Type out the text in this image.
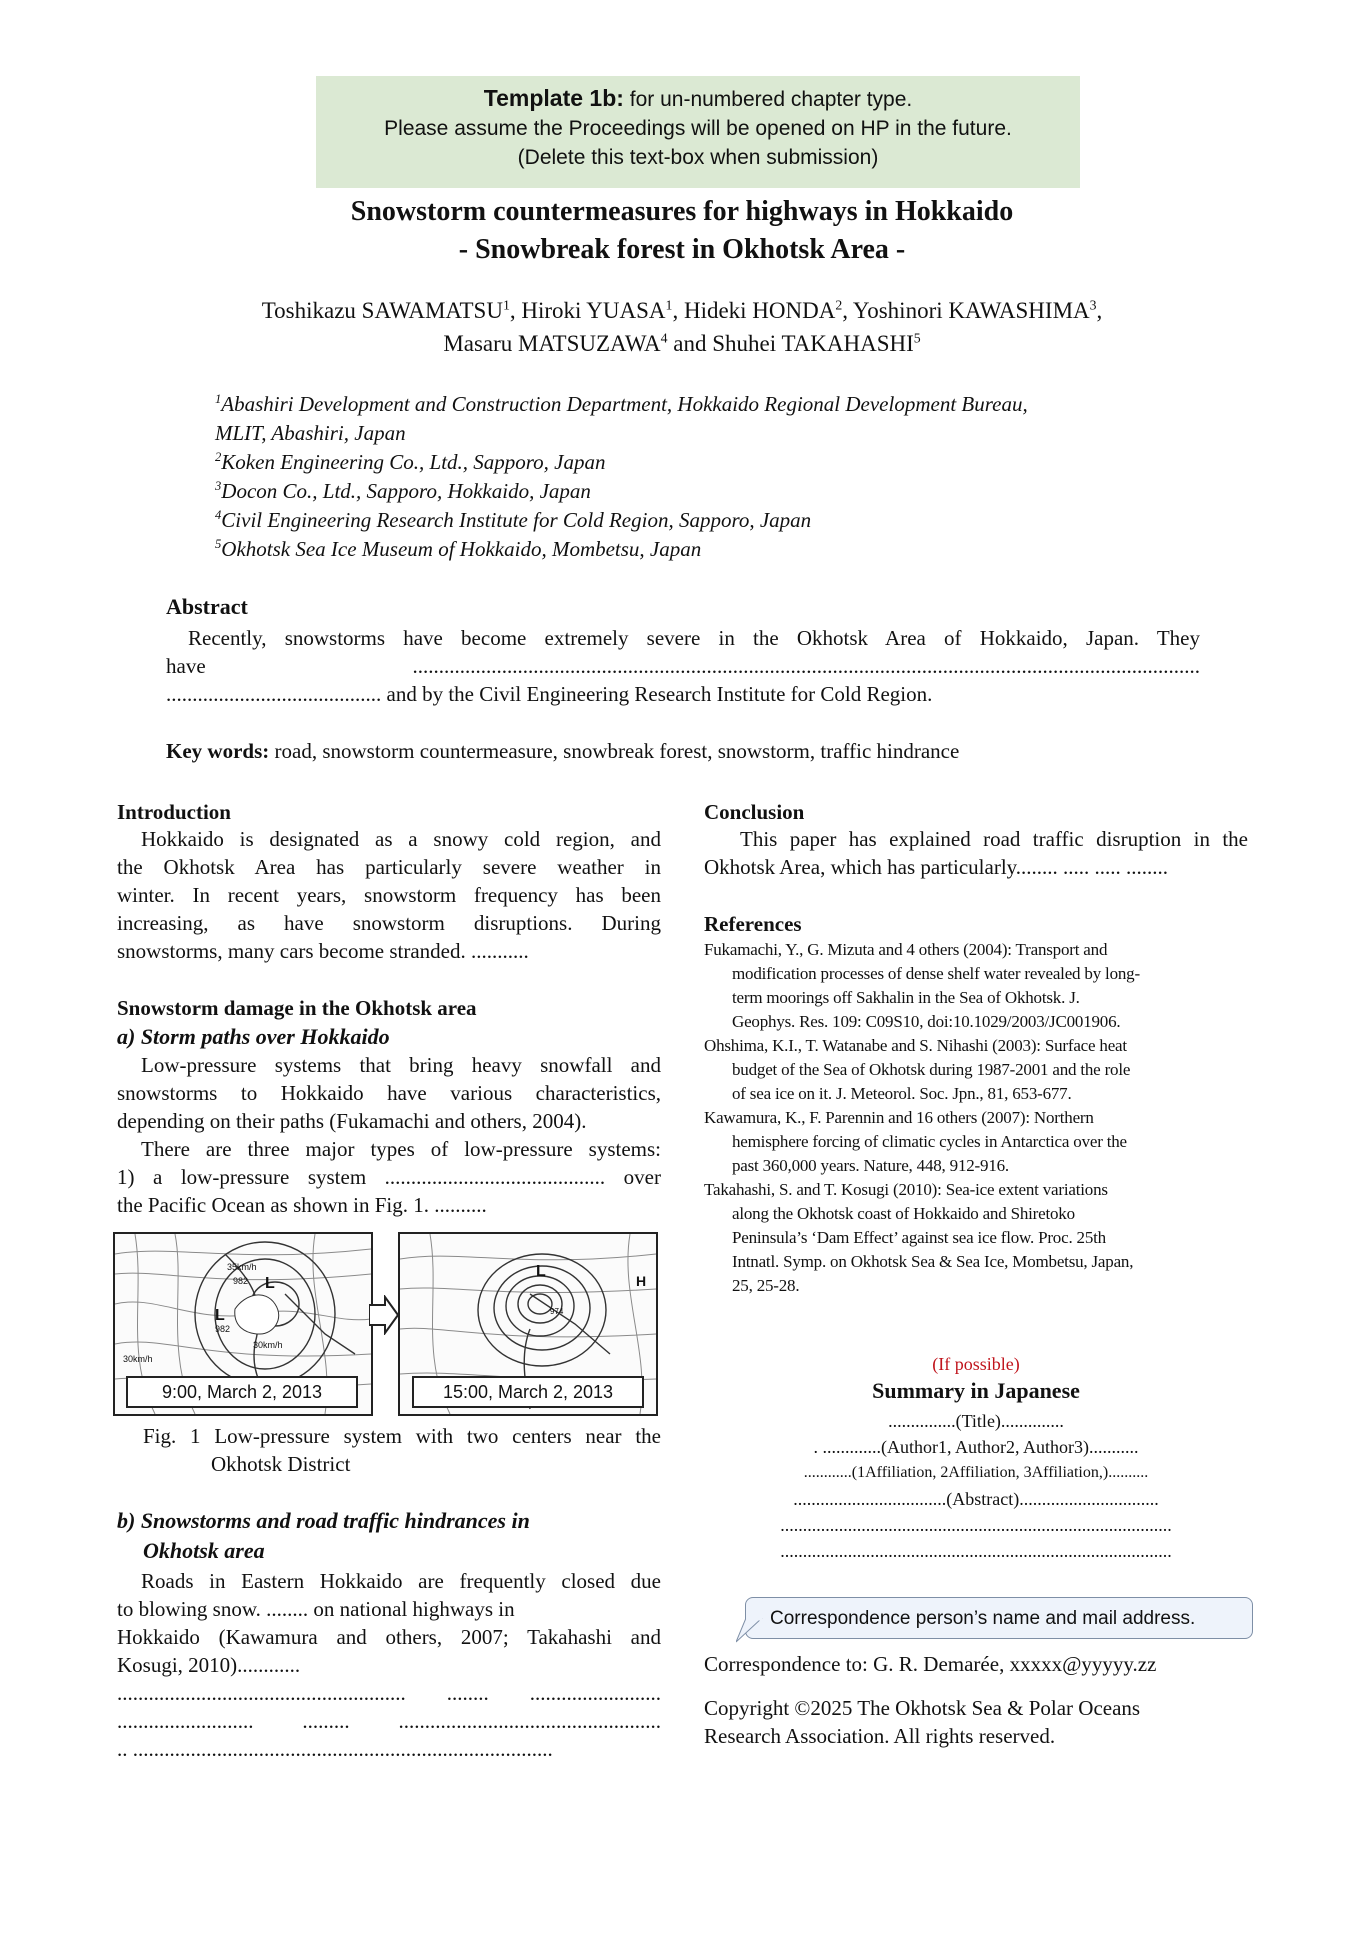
Template 1b: for un-numbered chapter type.
Please assume the Proceedings will be opened on HP in the future.
(Delete this text-box when submission)
Snowstorm countermeasures for highways in Hokkaido
- Snowbreak forest in Okhotsk Area -
Toshikazu SAWAMATSU$^1$, Hiroki YUASA$^1$, Hideki HONDA$^2$, Yoshinori KAWASHIMA$^3$,
Masaru MATSUZAWA$^4$ and Shuhei TAKAHASHI$^5$
$^1$Abashiri Development and Construction Department, Hokkaido Regional Development Bureau,
MLIT, Abashiri, Japan
$^2$Koken Engineering Co., Ltd., Sapporo, Japan
$^3$Docon Co., Ltd., Sapporo, Hokkaido, Japan
$^4$Civil Engineering Research Institute for Cold Region, Sapporo, Japan
$^5$Okhotsk Sea Ice Museum of Hokkaido, Mombetsu, Japan
Abstract
Recently, snowstorms have become extremely severe in the Okhotsk Area of Hokkaido, Japan. They
have ......................................................................................................................................................
......................................... and by the Civil Engineering Research Institute for Cold Region.
Key words: road, snowstorm countermeasure, snowbreak forest, snowstorm, traffic hindrance
Introduction
Hokkaido is designated as a snowy cold region, and
the Okhotsk Area has particularly severe weather in
winter. In recent years, snowstorm frequency has been
increasing, as have snowstorm disruptions. During
snowstorms, many cars become stranded. ...........
Snowstorm damage in the Okhotsk area
a) Storm paths over Hokkaido
Low-pressure systems that bring heavy snowfall and
snowstorms to Hokkaido have various characteristics,
depending on their paths (Fukamachi and others, 2004).
There are three major types of low-pressure systems:
1) a low-pressure system .......................................... over
the Pacific Ocean as shown in Fig. 1. ..........
35km/h
982 L
982
L
30km/h
30km/h
L
974
H
9:00, March 2, 2013	15:00, March 2, 2013
Fig. 1 Low-pressure system with two centers near the
Okhotsk District
b) Snowstorms and road traffic hindrances in
Okhotsk area
Roads in Eastern Hokkaido are frequently closed due
to blowing snow. ........ on national highways in
Hokkaido (Kawamura and others, 2007; Takahashi and
Kosugi, 2010)............
....................................................... ........ .........................
.......................... ......... ..................................................
.. ................................................................................
Conclusion
This paper has explained road traffic disruption in the
Okhotsk Area, which has particularly........ ..... ..... ........
References
Fukamachi, Y., G. Mizuta and 4 others (2004): Transport and
modification processes of dense shelf water revealed by long-
term moorings off Sakhalin in the Sea of Okhotsk. J.
Geophys. Res. 109: C09S10, doi:10.1029/2003/JC001906.
Ohshima, K.I., T. Watanabe and S. Nihashi (2003): Surface heat
budget of the Sea of Okhotsk during 1987-2001 and the role
of sea ice on it. J. Meteorol. Soc. Jpn., 81, 653-677.
Kawamura, K., F. Parennin and 16 others (2007): Northern
hemisphere forcing of climatic cycles in Antarctica over the
past 360,000 years. Nature, 448, 912-916.
Takahashi, S. and T. Kosugi (2010): Sea-ice extent variations
along the Okhotsk coast of Hokkaido and Shiretoko
Peninsula’s ‘Dam Effect’ against sea ice flow. Proc. 25th
Intnatl. Symp. on Okhotsk Sea & Sea Ice, Mombetsu, Japan,
25, 25-28.
(If possible)
Summary in Japanese
...............(Title)..............
. .............(Author1, Author2, Author3)...........
............(1Affiliation, 2Affiliation, 3Affiliation,)..........
..................................(Abstract)...............................
.......................................................................................
.......................................................................................
Correspondence person’s name and mail address.
Correspondence to: G. R. Demarée, xxxxx@yyyyy.zz
Copyright ©2025 The Okhotsk Sea & Polar Oceans
Research Association. All rights reserved.
